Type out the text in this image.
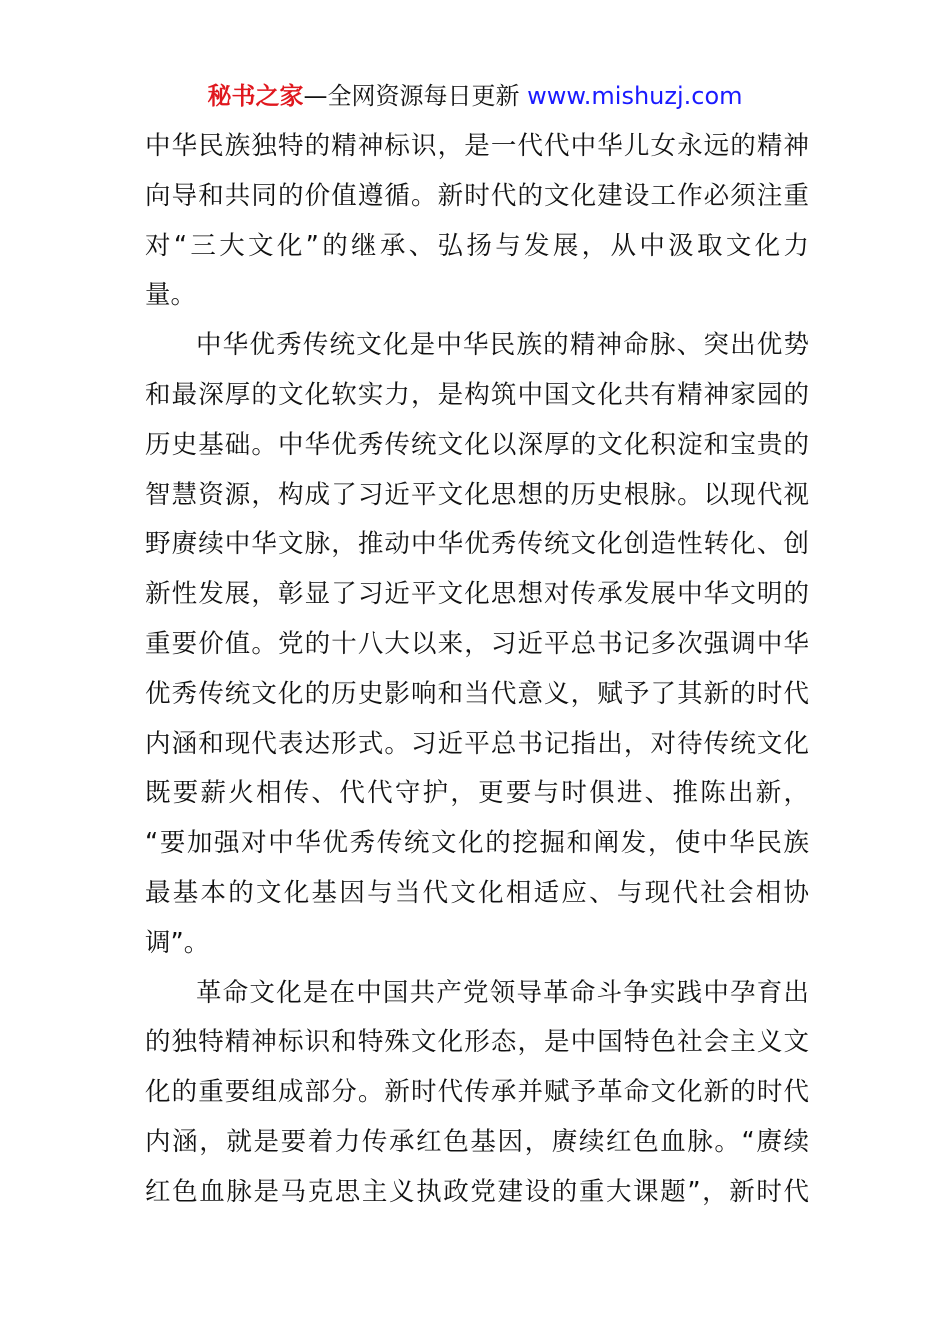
秘书之家—全网资源每日更新 www.mishuzj.com
中华民族独特的精神标识，是一代代中华儿女永远的精神
向导和共同的价值遵循。新时代的文化建设工作必须注重
对“三大文化”的继承、弘扬与发展，从中汲取文化力
量。
中华优秀传统文化是中华民族的精神命脉、突出优势
和最深厚的文化软实力，是构筑中国文化共有精神家园的
历史基础。中华优秀传统文化以深厚的文化积淀和宝贵的
智慧资源，构成了习近平文化思想的历史根脉。以现代视
野赓续中华文脉，推动中华优秀传统文化创造性转化、创
新性发展，彰显了习近平文化思想对传承发展中华文明的
重要价值。党的十八大以来，习近平总书记多次强调中华
优秀传统文化的历史影响和当代意义，赋予了其新的时代
内涵和现代表达形式。习近平总书记指出，对待传统文化
既要薪火相传、代代守护，更要与时俱进、推陈出新，
“要加强对中华优秀传统文化的挖掘和阐发，使中华民族
最基本的文化基因与当代文化相适应、与现代社会相协
调”。
革命文化是在中国共产党领导革命斗争实践中孕育出
的独特精神标识和特殊文化形态，是中国特色社会主义文
化的重要组成部分。新时代传承并赋予革命文化新的时代
内涵，就是要着力传承红色基因，赓续红色血脉。“赓续
红色血脉是马克思主义执政党建设的重大课题”，新时代
